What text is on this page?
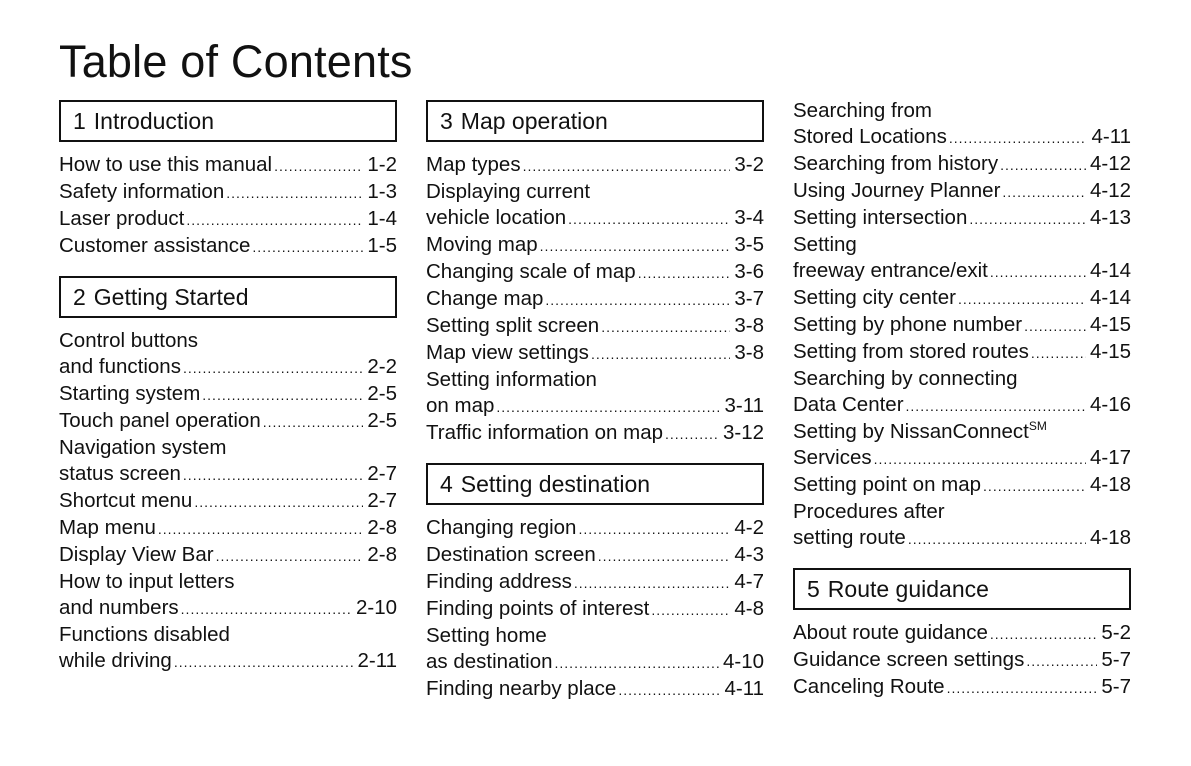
Table of Contents
1 Introduction
How to use this manual .....	1-2
Safety information .....	1-3
Laser product .....	1-4
Customer assistance .....	1-5
2 Getting Started
Control buttons
and functions .....	2-2
Starting system .....	2-5
Touch panel operation .....	2-5
Navigation system
status screen .....	2-7
Shortcut menu .....	2-7
Map menu .....	2-8
Display View Bar .....	2-8
How to input letters
and numbers .....	2-10
Functions disabled
while driving .....	2-11
3 Map operation
Map types .....	3-2
Displaying current
vehicle location .....	3-4
Moving map .....	3-5
Changing scale of map .....	3-6
Change map .....	3-7
Setting split screen .....	3-8
Map view settings .....	3-8
Setting information
on map .....	3-11
Traffic information on map .....	3-12
4 Setting destination
Changing region .....	4-2
Destination screen .....	4-3
Finding address .....	4-7
Finding points of interest .....	4-8
Setting home
as destination .....	4-10
Finding nearby place .....	4-11
Searching from
Stored Locations .....	4-11
Searching from history .....	4-12
Using Journey Planner .....	4-12
Setting intersection .....	4-13
Setting
freeway entrance/exit .....	4-14
Setting city center .....	4-14
Setting by phone number .....	4-15
Setting from stored routes .....	4-15
Searching by connecting
Data Center .....	4-16
Setting by NissanConnect℠
Services .....	4-17
Setting point on map .....	4-18
Procedures after
setting route .....	4-18
5 Route guidance
About route guidance .....	5-2
Guidance screen settings .....	5-7
Canceling Route .....	5-7
